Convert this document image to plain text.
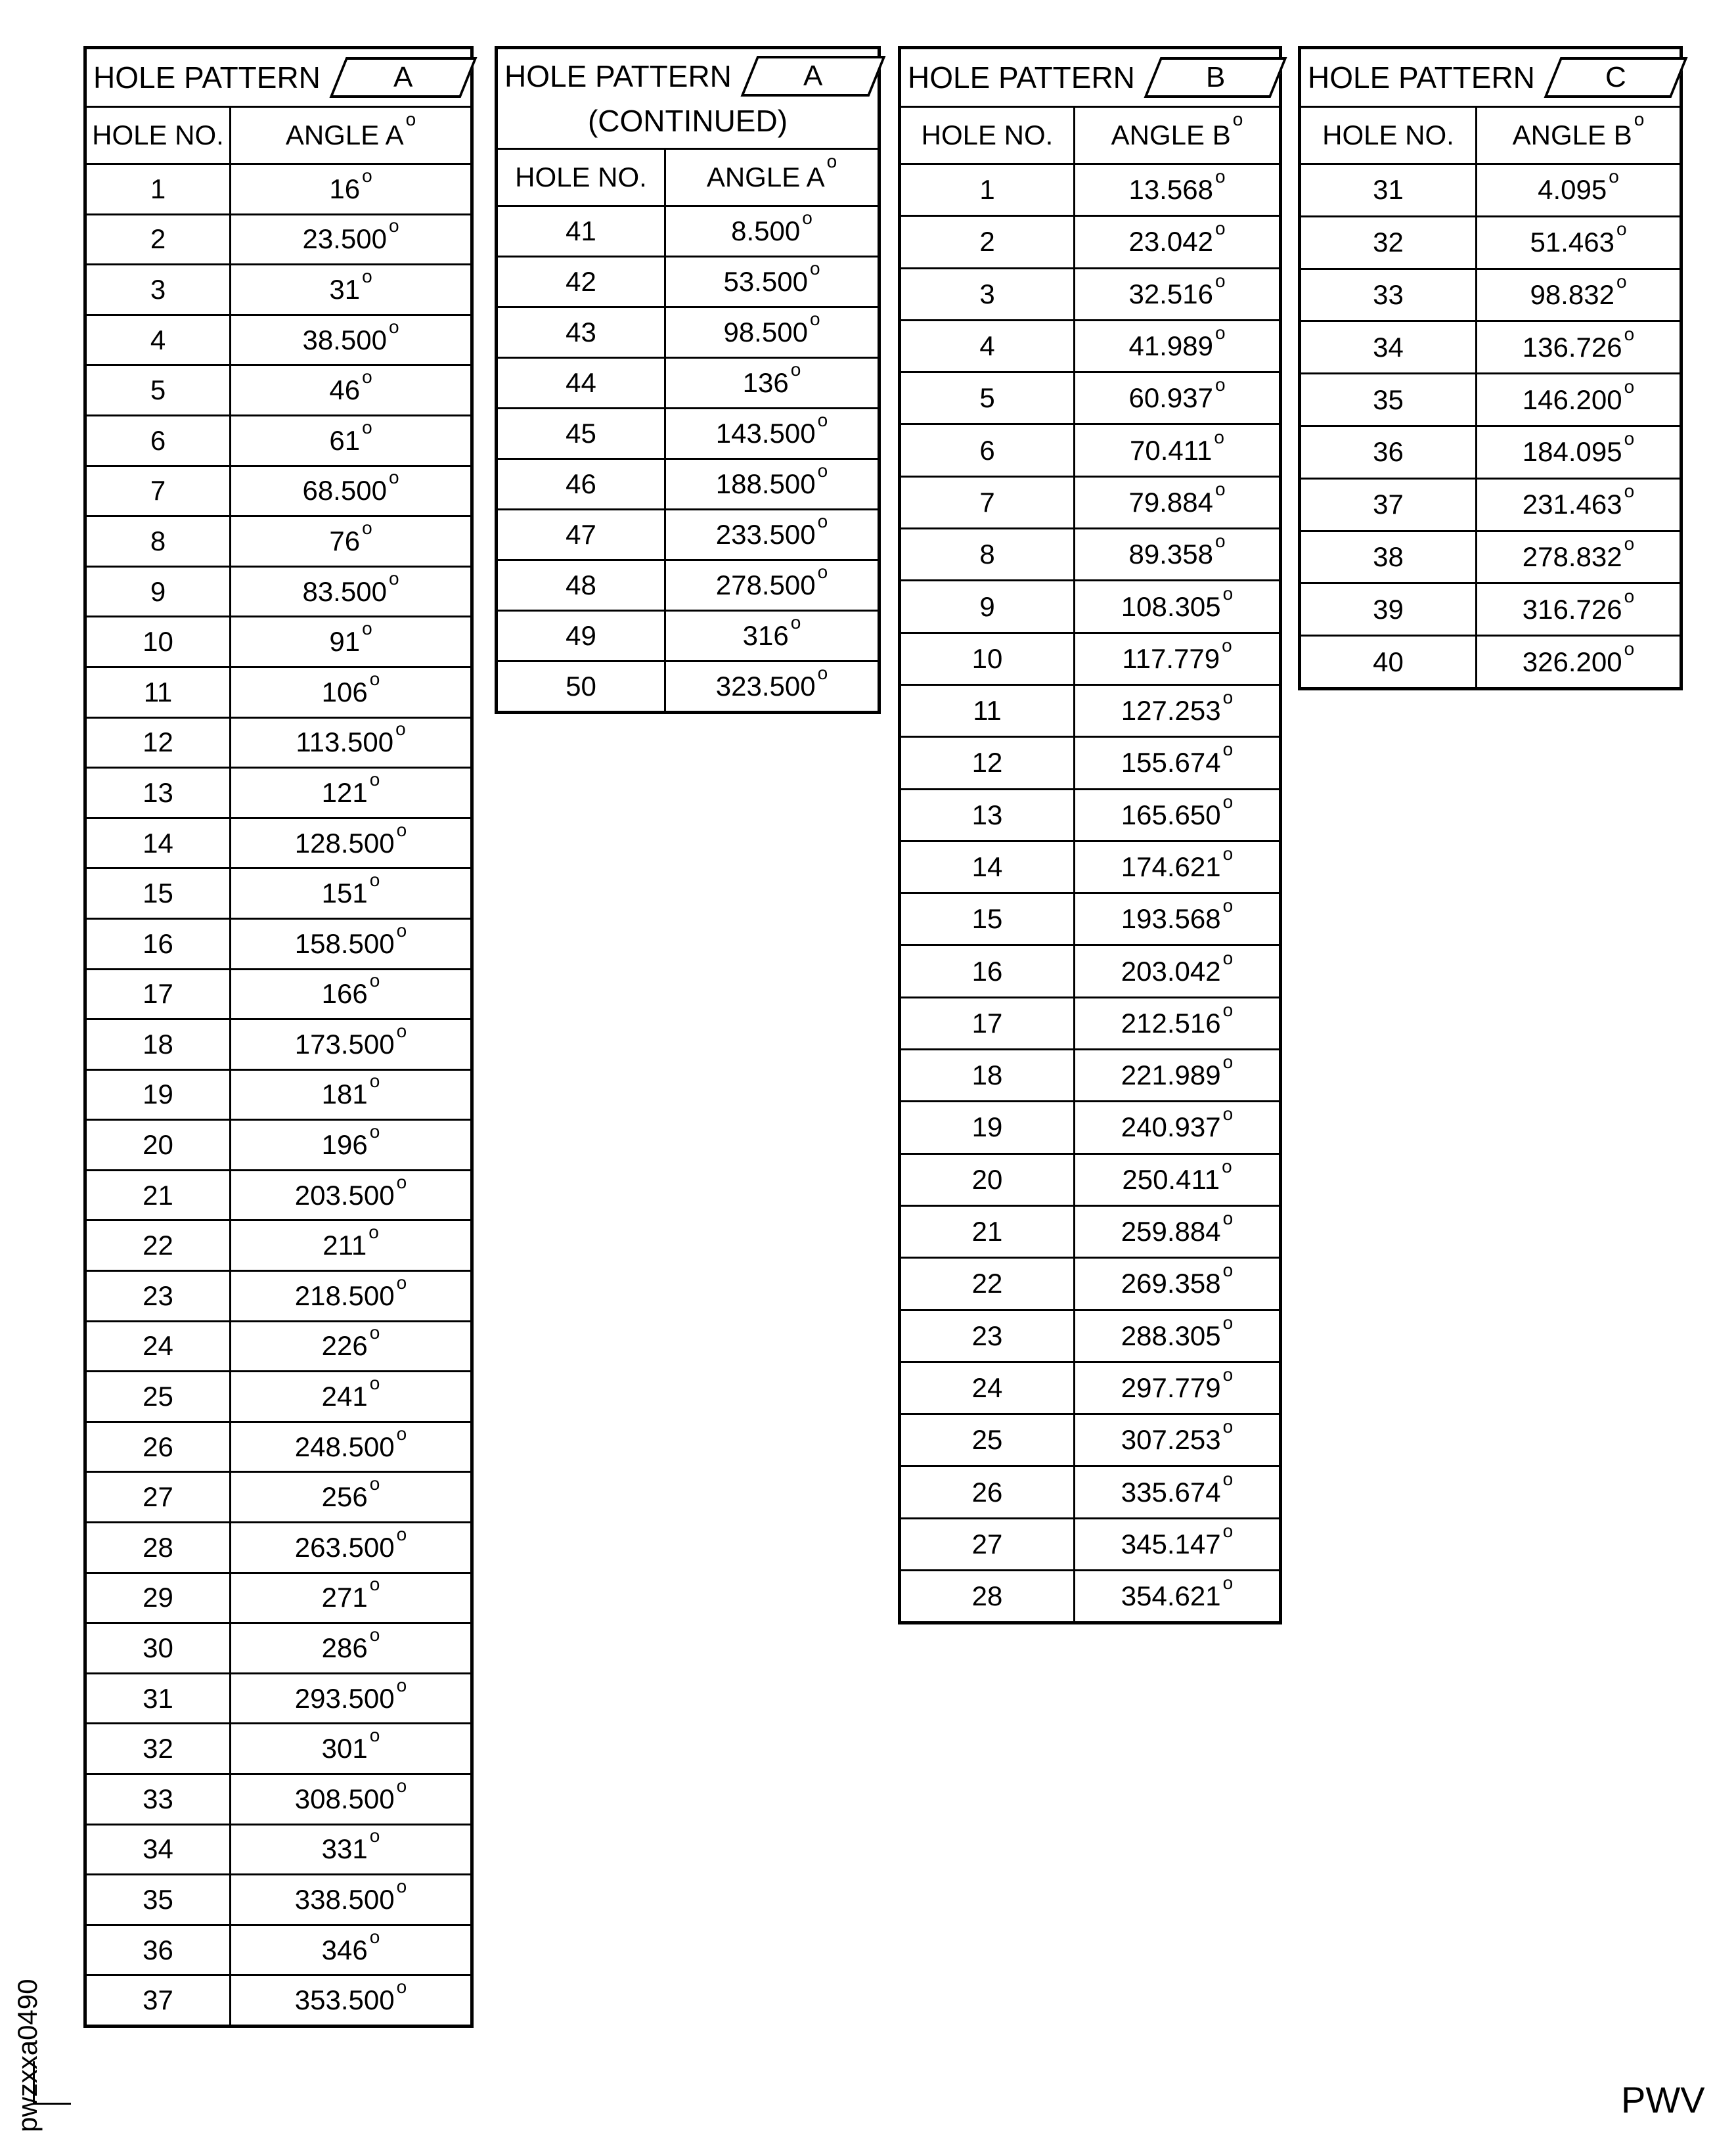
HOLE PATTERN	A
HOLE NO. ANGLE A
$^o$
1	16$^o$
2	23.500$^o$
3	31$^o$
4	38.500$^o$
5	46$^o$
6	61$^o$
7	68.500$^o$
8	76$^o$
9	83.500$^o$
10	91$^o$
11	106$^o$
12	113.500$^o$
13	121$^o$
14	128.500$^o$
15	151$^o$
16	158.500$^o$
17	166$^o$
18	173.500$^o$
19	181$^o$
20	196$^o$
21	203.500$^o$
22	211$^o$
23	218.500$^o$
24	226$^o$
25	241$^o$
26	248.500$^o$
27	256$^o$
28	263.500$^o$
29	271$^o$
30	286$^o$
31	293.500$^o$
32	301$^o$
33	308.500$^o$
34	331$^o$
35	338.500$^o$
36	346$^o$
37	353.500$^o$
HOLE PATTERN A
(CONTINUED)
HOLE NO. ANGLE A
$^o$
41	8.500$^o$
42	53.500$^o$
43	98.500$^o$
44	136$^o$
45	143.500$^o$
46	188.500$^o$
47	233.500$^o$
48	278.500$^o$
49	316$^o$
50	323.500$^o$
HOLE PATTERN B
HOLE NO. ANGLE B
$^o$
1	13.568$^o$
2	23.042$^o$
3	32.516$^o$
4	41.989$^o$
5	60.937$^o$
6	70.411$^o$
7	79.884$^o$
8	89.358$^o$
9	108.305$^o$
10	117.779$^o$
11	127.253$^o$
12	155.674$^o$
13	165.650$^o$
14	174.621$^o$
15	193.568$^o$
16	203.042$^o$
17	212.516$^o$
18	221.989$^o$
19	240.937$^o$
20	250.411$^o$
21	259.884$^o$
22	269.358$^o$
23	288.305$^o$
24	297.779$^o$
25	307.253$^o$
26	335.674$^o$
27	345.147$^o$
28	354.621$^o$
HOLE PATTERN C
HOLE NO. ANGLE B
$^o$
31	4.095$^o$
32	51.463$^o$
33	98.832$^o$
34	136.726$^o$
35	146.200$^o$
36	184.095$^o$
37	231.463$^o$
38	278.832$^o$
39	316.726$^o$
40	326.200$^o$
pwzxxa0490	PWV
